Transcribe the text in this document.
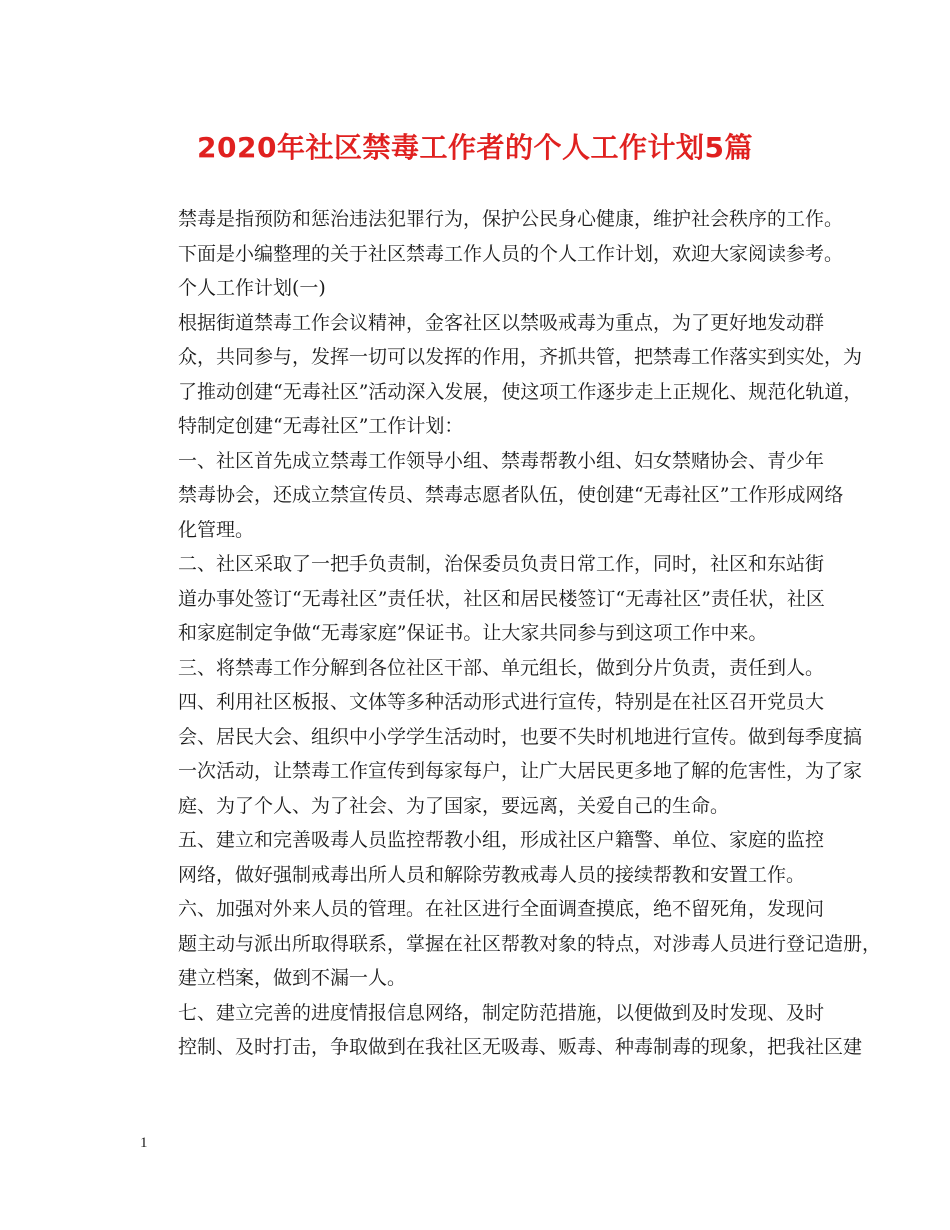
2020年社区禁毒工作者的个人工作计划5篇

禁毒是指预防和惩治违法犯罪行为，保护公民身心健康，维护社会秩序的工作。
下面是小编整理的关于社区禁毒工作人员的个人工作计划，欢迎大家阅读参考。

个人工作计划(一)

根据街道禁毒工作会议精神，金客社区以禁吸戒毒为重点，为了更好地发动群
众，共同参与，发挥一切可以发挥的作用，齐抓共管，把禁毒工作落实到实处，为
了推动创建“无毒社区”活动深入发展，使这项工作逐步走上正规化、规范化轨道，
特制定创建“无毒社区”工作计划：

一、社区首先成立禁毒工作领导小组、禁毒帮教小组、妇女禁赌协会、青少年
禁毒协会，还成立禁宣传员、禁毒志愿者队伍，使创建“无毒社区”工作形成网络
化管理。

二、社区采取了一把手负责制，治保委员负责日常工作，同时，社区和东站街
道办事处签订“无毒社区”责任状，社区和居民楼签订“无毒社区”责任状，社区
和家庭制定争做“无毒家庭”保证书。让大家共同参与到这项工作中来。

三、将禁毒工作分解到各位社区干部、单元组长，做到分片负责，责任到人。

四、利用社区板报、文体等多种活动形式进行宣传，特别是在社区召开党员大
会、居民大会、组织中小学学生活动时，也要不失时机地进行宣传。做到每季度搞
一次活动，让禁毒工作宣传到每家每户，让广大居民更多地了解的危害性，为了家
庭、为了个人、为了社会、为了国家，要远离，关爱自己的生命。

五、建立和完善吸毒人员监控帮教小组，形成社区户籍警、单位、家庭的监控
网络，做好强制戒毒出所人员和解除劳教戒毒人员的接续帮教和安置工作。

六、加强对外来人员的管理。在社区进行全面调查摸底，绝不留死角，发现问
题主动与派出所取得联系，掌握在社区帮教对象的特点，对涉毒人员进行登记造册，
建立档案，做到不漏一人。

七、建立完善的进度情报信息网络，制定防范措施，以便做到及时发现、及时
控制、及时打击，争取做到在我社区无吸毒、贩毒、种毒制毒的现象，把我社区建

1
